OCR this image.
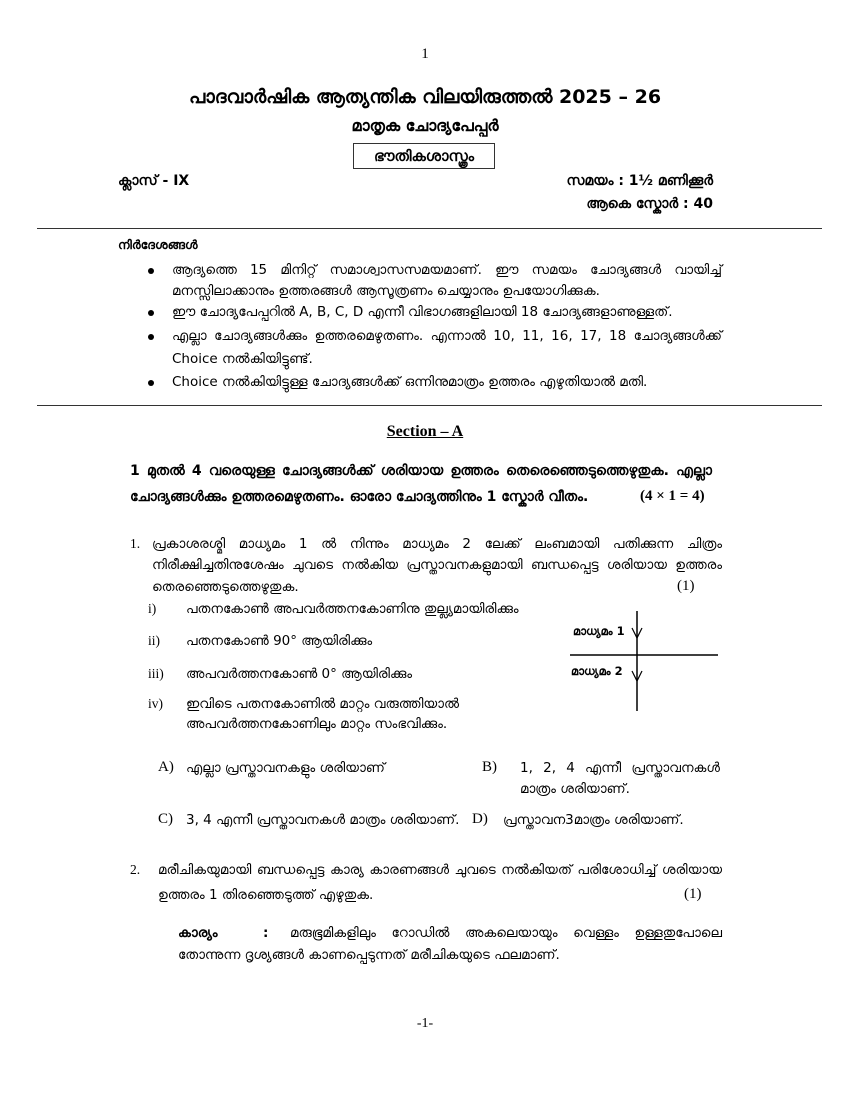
1
പാദവാർഷിക ആത്യന്തിക വിലയിരുത്തൽ 2025 – 26
മാതൃക ചോദ്യപേപ്പർ
ഭൗതികശാസ്ത്രം
ക്ലാസ് - IX	സമയം : 1½ മണിക്കൂർ
ആകെ സ്കോർ : 40
നിർദേശങ്ങൾ
ആദ്യത്തെ 15 മിനിറ്റ് സമാശ്വാസസമയമാണ്. ഈ സമയം ചോദ്യങ്ങൾ വായിച്ച്
മനസ്സിലാക്കാനും ഉത്തരങ്ങൾ ആസൂത്രണം ചെയ്യാനും ഉപയോഗിക്കുക.
ഈ ചോദ്യപേപ്പറിൽ A, B, C, D എന്നീ വിഭാഗങ്ങളിലായി 18 ചോദ്യങ്ങളാണുള്ളത്.
എല്ലാ ചോദ്യങ്ങൾക്കും ഉത്തരമെഴുതണം. എന്നാൽ 10, 11, 16, 17, 18 ചോദ്യങ്ങൾക്ക്
Choice നൽകിയിട്ടുണ്ട്.
Choice നൽകിയിട്ടുള്ള ചോദ്യങ്ങൾക്ക് ഒന്നിനുമാത്രം ഉത്തരം എഴുതിയാൽ മതി.
Section – A
1 മുതൽ 4 വരെയുള്ള ചോദ്യങ്ങൾക്ക് ശരിയായ ഉത്തരം തെരെഞ്ഞെടുത്തെഴുതുക. എല്ലാ
ചോദ്യങ്ങൾക്കും ഉത്തരമെഴുതണം. ഓരോ ചോദ്യത്തിനും 1 സ്കോർ വീതം.	(4 × 1 = 4)
1. പ്രകാശരശ്മി മാധ്യമം 1 ൽ നിന്നും മാധ്യമം 2 ലേക്ക് ലംബമായി പതിക്കുന്ന ചിത്രം
നിരീക്ഷിച്ചതിനുശേഷം ചുവടെ നൽകിയ പ്രസ്താവനകളുമായി ബന്ധപ്പെട്ട ശരിയായ ഉത്തരം
തെരഞ്ഞെടുത്തെഴുതുക.	(1)
i) പതനകോൺ അപവർത്തനകോണിനു തുല്ല്യമായിരിക്കും
ii) പതനകോൺ 90° ആയിരിക്കും
iii) അപവർത്തനകോൺ 0° ആയിരിക്കും
iv) ഇവിടെ പതനകോണിൽ മാറ്റം വരുത്തിയാൽ
അപവർത്തനകോണിലും മാറ്റം സംഭവിക്കും.
മാധ്യമം 1
മാധ്യമം 2
A) എല്ലാ പ്രസ്താവനകളും ശരിയാണ്	B) 1, 2, 4 എന്നീ പ്രസ്താവനകൾ
മാത്രം ശരിയാണ്.
C) 3, 4 എന്നീ പ്രസ്താവനകൾ മാത്രം ശരിയാണ്. D) പ്രസ്താവന3മാത്രം ശരിയാണ്.
2. മരീചികയുമായി ബന്ധപ്പെട്ട കാര്യ കാരണങ്ങൾ ചുവടെ നൽകിയത് പരിശോധിച്ച് ശരിയായ
ഉത്തരം 1 തിരഞ്ഞെടുത്ത് എഴുതുക.	(1)
കാര്യം	: മരുഭൂമികളിലും റോഡിൽ അകലെയായും വെള്ളം ഉള്ളതുപോലെ
തോന്നുന്ന ദൃശ്യങ്ങൾ കാണപ്പെടുന്നത് മരീചികയുടെ ഫലമാണ്.
-1-
